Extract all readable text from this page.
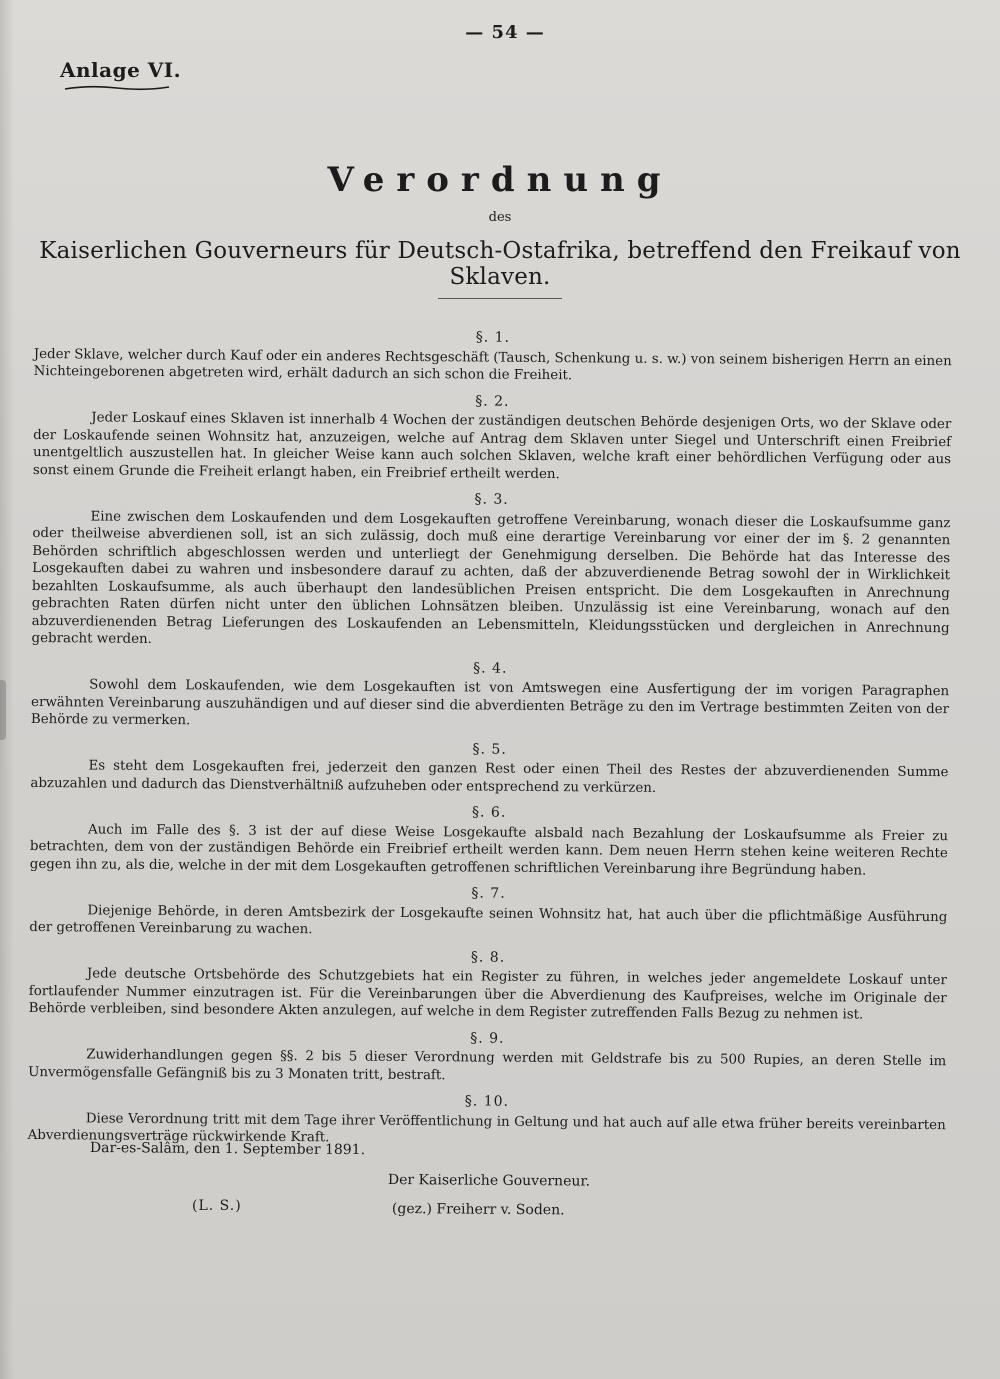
— 54 —
Anlage VI.
Verordnung
des
Kaiserlichen Gouverneurs für Deutsch-Ostafrika, betreffend den Freikauf von Sklaven.
§. 1.

Jeder Sklave, welcher durch Kauf oder ein anderes Rechtsgeschäft (Tausch, Schenkung u. s. w.) von seinem bisherigen Herrn an einen Nichteingeborenen abgetreten wird, erhält dadurch an sich schon die Freiheit.

§. 2.

Jeder Loskauf eines Sklaven ist innerhalb 4 Wochen der zuständigen deutschen Behörde desjenigen Orts, wo der Sklave oder der Loskaufende seinen Wohnsitz hat, anzuzeigen, welche auf Antrag dem Sklaven unter Siegel und Unterschrift einen Freibrief unentgeltlich auszustellen hat. In gleicher Weise kann auch solchen Sklaven, welche kraft einer behördlichen Verfügung oder aus sonst einem Grunde die Freiheit erlangt haben, ein Freibrief ertheilt werden.

§. 3.

Eine zwischen dem Loskaufenden und dem Losgekauften getroffene Vereinbarung, wonach dieser die Loskaufsumme ganz oder theilweise abverdienen soll, ist an sich zulässig, doch muß eine derartige Vereinbarung vor einer der im §. 2 genannten Behörden schriftlich abgeschlossen werden und unterliegt der Genehmigung derselben. Die Behörde hat das Interesse des Losgekauften dabei zu wahren und insbesondere darauf zu achten, daß der abzuverdienende Betrag sowohl der in Wirklichkeit bezahlten Loskaufsumme, als auch überhaupt den landesüblichen Preisen entspricht. Die dem Losgekauften in Anrechnung gebrachten Raten dürfen nicht unter den üblichen Lohnsätzen bleiben. Unzulässig ist eine Vereinbarung, wonach auf den abzuverdienenden Betrag Lieferungen des Loskaufenden an Lebensmitteln, Kleidungsstücken und dergleichen in Anrechnung gebracht werden.

§. 4.

Sowohl dem Loskaufenden, wie dem Losgekauften ist von Amtswegen eine Ausfertigung der im vorigen Paragraphen erwähnten Vereinbarung auszuhändigen und auf dieser sind die abverdienten Beträge zu den im Vertrage bestimmten Zeiten von der Behörde zu vermerken.

§. 5.

Es steht dem Losgekauften frei, jederzeit den ganzen Rest oder einen Theil des Restes der abzuverdienenden Summe abzuzahlen und dadurch das Dienstverhältniß aufzuheben oder entsprechend zu verkürzen.

§. 6.

Auch im Falle des §. 3 ist der auf diese Weise Losgekaufte alsbald nach Bezahlung der Loskaufsumme als Freier zu betrachten, dem von der zuständigen Behörde ein Freibrief ertheilt werden kann. Dem neuen Herrn stehen keine weiteren Rechte gegen ihn zu, als die, welche in der mit dem Losgekauften getroffenen schriftlichen Vereinbarung ihre Begründung haben.

§. 7.

Diejenige Behörde, in deren Amtsbezirk der Losgekaufte seinen Wohnsitz hat, hat auch über die pflichtmäßige Ausführung der getroffenen Vereinbarung zu wachen.

§. 8.

Jede deutsche Ortsbehörde des Schutzgebiets hat ein Register zu führen, in welches jeder angemeldete Loskauf unter fortlaufender Nummer einzutragen ist. Für die Vereinbarungen über die Abverdienung des Kaufpreises, welche im Originale der Behörde verbleiben, sind besondere Akten anzulegen, auf welche in dem Register zutreffenden Falls Bezug zu nehmen ist.

§. 9.

Zuwiderhandlungen gegen §§. 2 bis 5 dieser Verordnung werden mit Geldstrafe bis zu 500 Rupies, an deren Stelle im Unvermögensfalle Gefängniß bis zu 3 Monaten tritt, bestraft.

§. 10.

Diese Verordnung tritt mit dem Tage ihrer Veröffentlichung in Geltung und hat auch auf alle etwa früher bereits vereinbarten Abverdienungsverträge rückwirkende Kraft.

Dar-es-Salâm, den 1. September 1891.
Der Kaiserliche Gouverneur.
(L. S.)	(gez.) Freiherr v. Soden.
